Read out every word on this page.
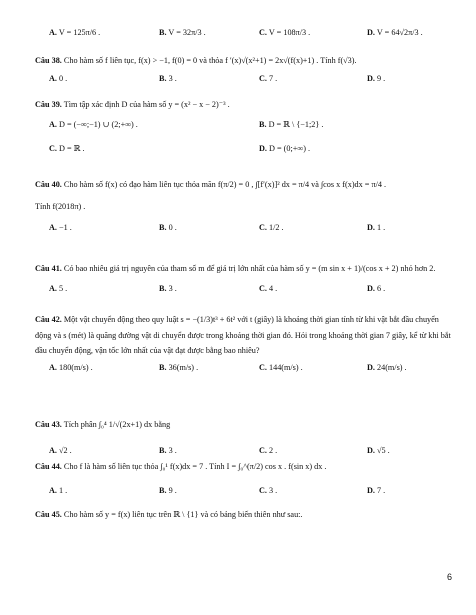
A. V = 125π/6 .	B. V = 32π/3 .	C. V = 108π/3 .	D. V = 64√2π/3 .
Câu 38. Cho hàm số f liên tục, f(x) > −1, f(0) = 0 và thỏa f ′(x)√(x²+1) = 2x√(f(x)+1) . Tính f(√3).
A. 0 .	B. 3 .	C. 7 .	D. 9 .
Câu 39. Tìm tập xác định D của hàm số y = (x² − x − 2)⁻³ .
A. D = (−∞;−1) ∪ (2;+∞) .	B. D = ℝ \ {−1;2} .
C. D = ℝ .	D. D = (0;+∞) .
Câu 40. Cho hàm số f(x) có đạo hàm liên tục thỏa mãn f(π/2) = 0 , ∫[f′(x)]² dx = π/4 và ∫cos x f(x)dx = π/4 .
Tính f(2018π) .
A. −1 .	B. 0 .	C. 1/2 .	D. 1 .
Câu 41. Có bao nhiêu giá trị nguyên của tham số m để giá trị lớn nhất của hàm số y = (m sin x + 1)/(cos x + 2) nhỏ hơn 2.
A. 5 .	B. 3 .	C. 4 .	D. 6 .
Câu 42. Một vật chuyển động theo quy luật s = −(1/3)t³ + 6t² với t (giây) là khoảng thời gian tính từ khi vật bắt đầu chuyển động và s (mét) là quãng đường vật di chuyển được trong khoảng thời gian đó. Hỏi trong khoảng thời gian 7 giây, kể từ khi bắt đầu chuyển động, vận tốc lớn nhất của vật đạt được bằng bao nhiêu?
A. 180(m/s) .	B. 36(m/s) .	C. 144(m/s) .	D. 24(m/s) .
Câu 43. Tích phân ∫₀⁴ 1/√(2x+1) dx bằng
A. √2 .	B. 3 .	C. 2 .	D. √5 .
Câu 44. Cho f là hàm số liên tục thỏa ∫₀¹ f(x)dx = 7 . Tính I = ∫₀^(π/2) cos x . f(sin x) dx .
A. 1 .	B. 9 .	C. 3 .	D. 7 .
Câu 45. Cho hàm số y = f(x) liên tục trên ℝ \ {1} và có bảng biến thiên như sau:.
6
